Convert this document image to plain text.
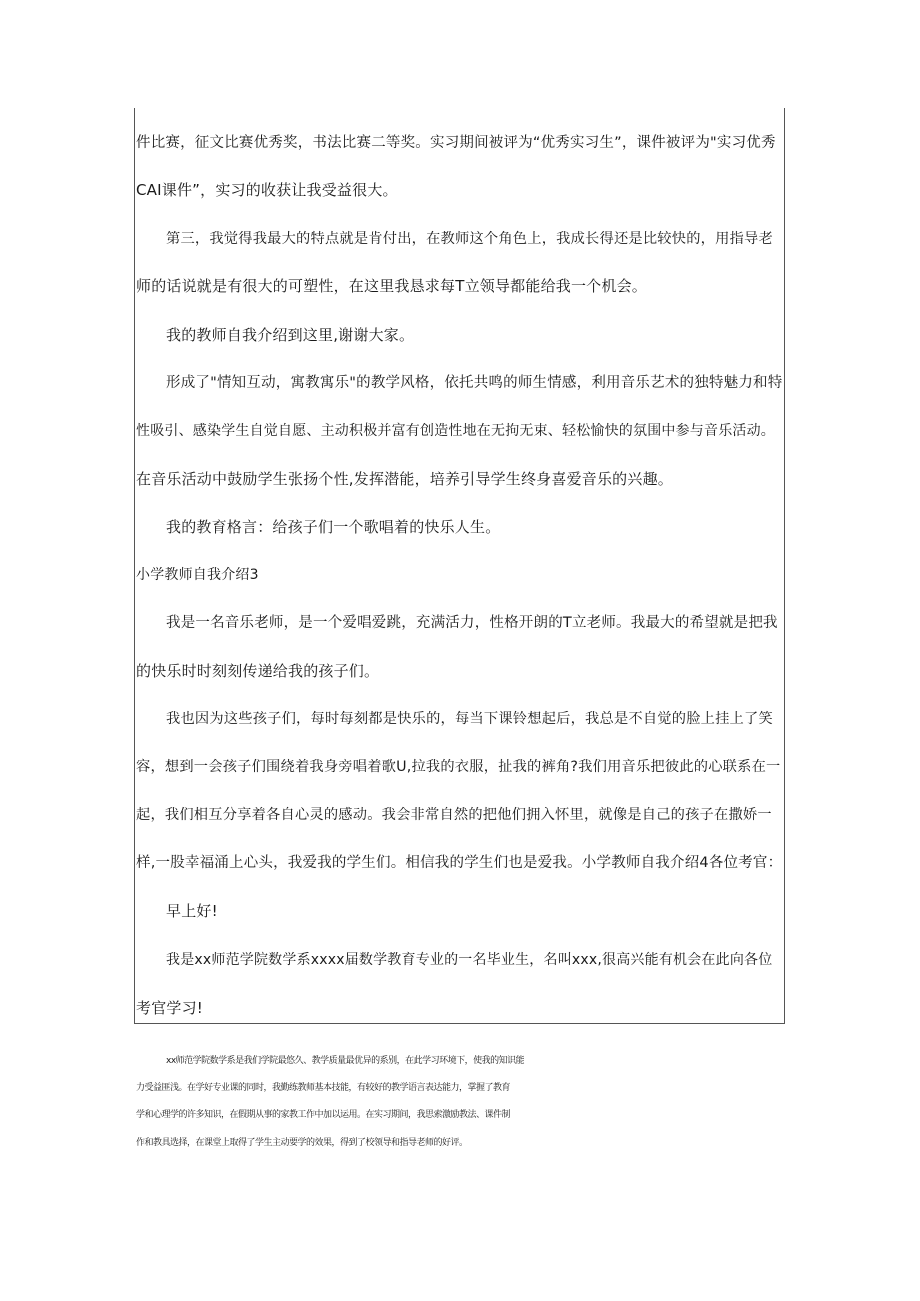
件比赛，征文比赛优秀奖，书法比赛二等奖。实习期间被评为“优秀实习生”，课件被评为"实习优秀
CAI课件”，实习的收获让我受益很大。
第三，我觉得我最大的特点就是肯付出，在教师这个角色上，我成长得还是比较快的，用指导老
师的话说就是有很大的可塑性，在这里我恳求每T立领导都能给我一个机会。
我的教师自我介绍到这里,谢谢大家。
形成了"情知互动，寓教寓乐"的教学风格，依托共鸣的师生情感，利用音乐艺术的独特魅力和特
性吸引、感染学生自觉自愿、主动积极并富有创造性地在无拘无束、轻松愉快的氛围中参与音乐活动。
在音乐活动中鼓励学生张扬个性,发挥潜能，培养引导学生终身喜爱音乐的兴趣。
我的教育格言：给孩子们一个歌唱着的快乐人生。
小学教师自我介绍3
我是一名音乐老师，是一个爱唱爱跳，充满活力，性格开朗的T立老师。我最大的希望就是把我
的快乐时时刻刻传递给我的孩子们。
我也因为这些孩子们，每时每刻都是快乐的，每当下课铃想起后，我总是不自觉的脸上挂上了笑
容，想到一会孩子们围绕着我身旁唱着歌U,拉我的衣服，扯我的裤角?我们用音乐把彼此的心联系在一
起，我们相互分享着各自心灵的感动。我会非常自然的把他们拥入怀里，就像是自己的孩子在撒娇一
样,一股幸福涌上心头，我爱我的学生们。相信我的学生们也是爱我。小学教师自我介绍4各位考官：
早上好!
我是xx师范学院数学系xxxx届数学教育专业的一名毕业生，名叫xxx,很高兴能有机会在此向各位
考官学习!
xx师范学院数学系是我们学院最悠久、教学质量最优异的系别，在此学习环境下，使我的知识能
力受益匪浅。在学好专业课的同时，我勤练教师基本技能，有较好的教学语言表达能力，掌握了教育
学和心理学的许多知识，在假期从事的家教工作中加以运用。在实习期间，我思索激励教法、课件制
作和教具选择，在课堂上取得了学生主动要学的效果，得到了校领导和指导老师的好评。
